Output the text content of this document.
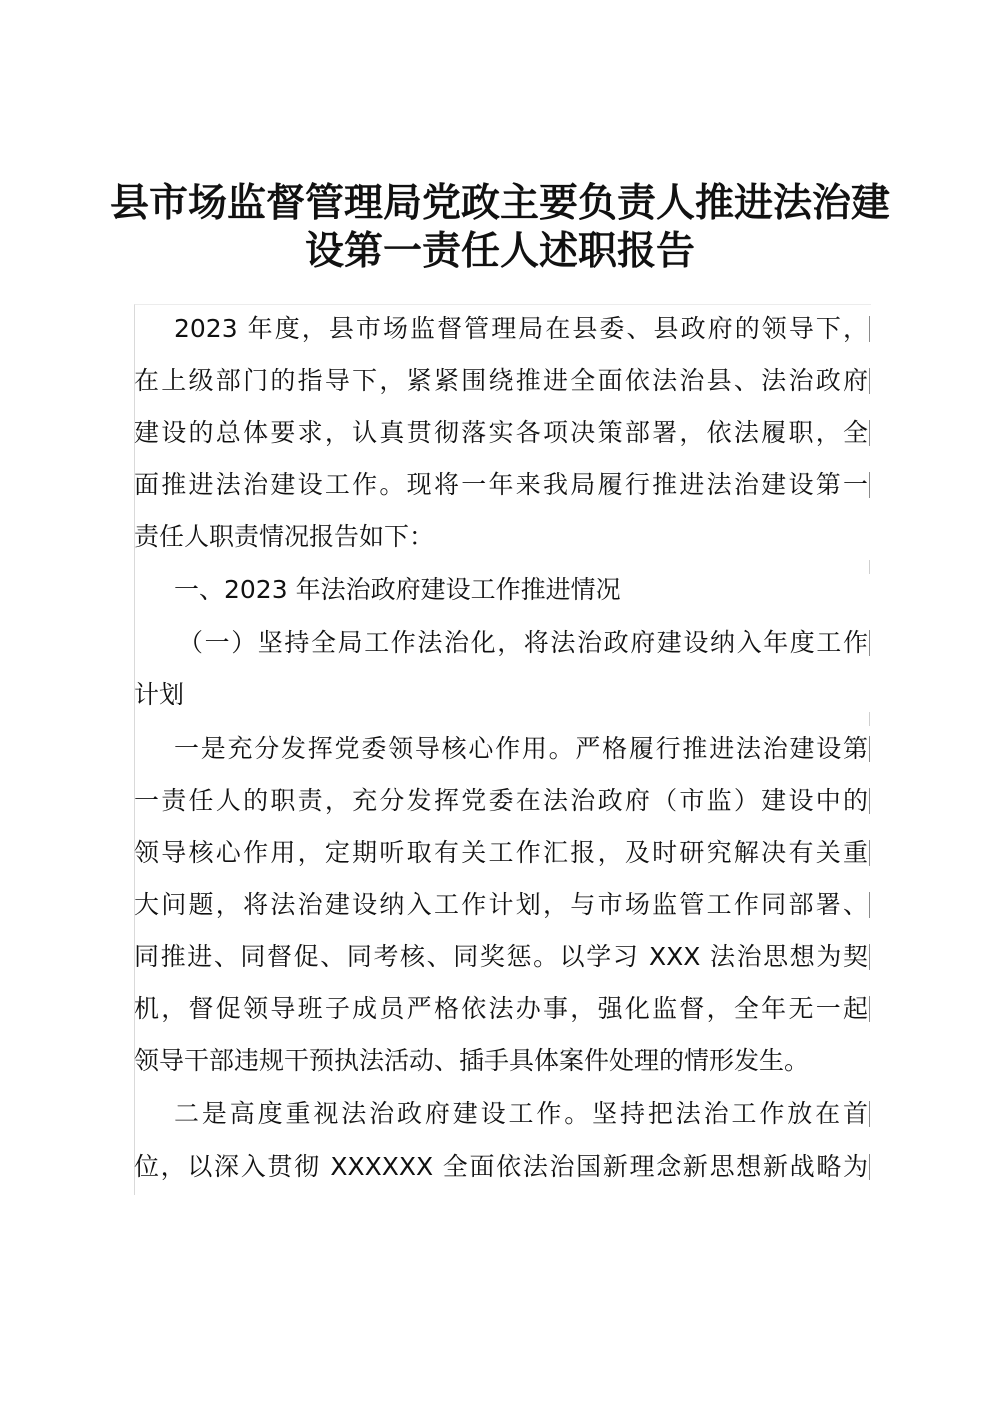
县市场监督管理局党政主要负责人推进法治建
设第一责任人述职报告
2023 年度，县市场监督管理局在县委、县政府的领导下，
在上级部门的指导下，紧紧围绕推进全面依法治县、法治政府
建设的总体要求，认真贯彻落实各项决策部署，依法履职，全
面推进法治建设工作。现将一年来我局履行推进法治建设第一
责任人职责情况报告如下：
一、2023 年法治政府建设工作推进情况
（一）坚持全局工作法治化，将法治政府建设纳入年度工作
计划
一是充分发挥党委领导核心作用。严格履行推进法治建设第
一责任人的职责，充分发挥党委在法治政府（市监）建设中的
领导核心作用，定期听取有关工作汇报，及时研究解决有关重
大问题，将法治建设纳入工作计划，与市场监管工作同部署、
同推进、同督促、同考核、同奖惩。以学习 XXX 法治思想为契
机，督促领导班子成员严格依法办事，强化监督，全年无一起
领导干部违规干预执法活动、插手具体案件处理的情形发生。
二是高度重视法治政府建设工作。坚持把法治工作放在首
位，以深入贯彻 XXXXXX 全面依法治国新理念新思想新战略为
